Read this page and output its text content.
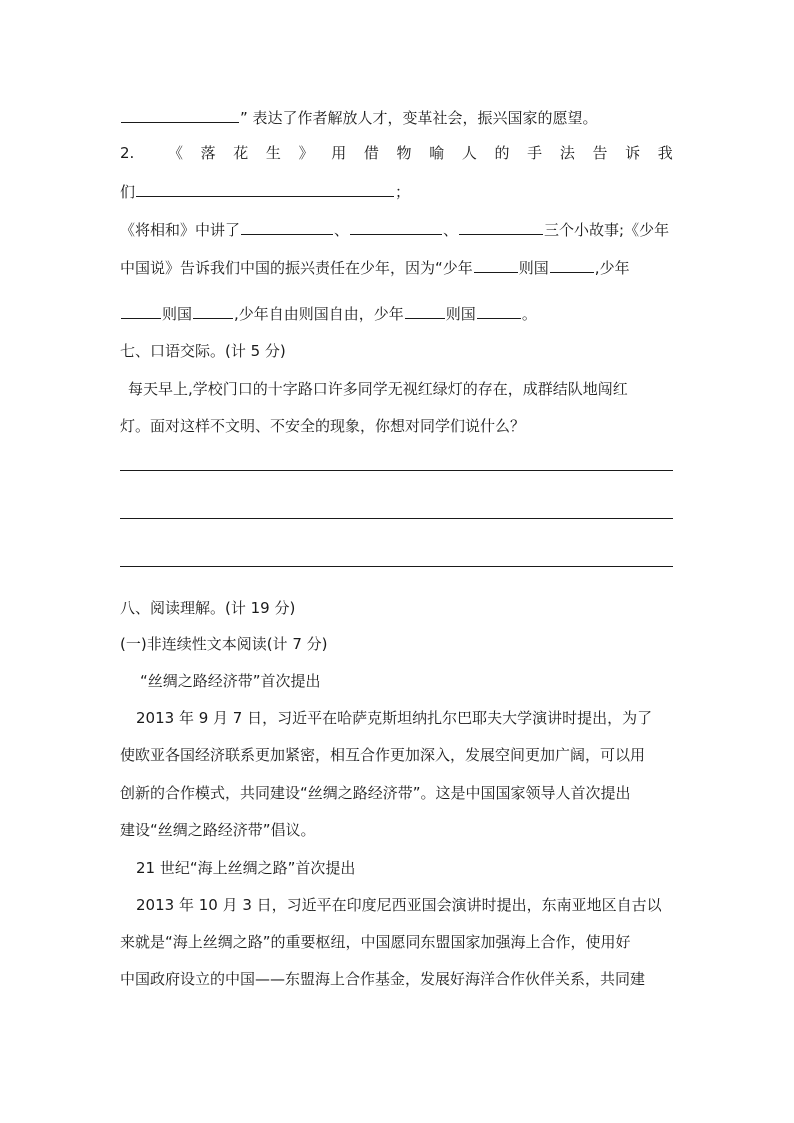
” 表达了作者解放人才，变革社会，振兴国家的愿望。
2. 《 落 花 生 》 用 借 物 喻 人 的 手 法 告 诉 我
们	；
《将相和》中讲了	、	、	三个小故事;《少年
中国说》告诉我们中国的振兴责任在少年，因为“少年	则国	,少年
则国	,少年自由则国自由，少年	则国	。
七、口语交际。(计 5 分)
每天早上,学校门口的十字路口许多同学无视红绿灯的存在，成群结队地闯红
灯。面对这样不文明、不安全的现象，你想对同学们说什么？
八、阅读理解。(计 19 分)
(一)非连续性文本阅读(计 7 分)
“丝绸之路经济带”首次提出
2013 年 9 月 7 日，习近平在哈萨克斯坦纳扎尔巴耶夫大学演讲时提出，为了
使欧亚各国经济联系更加紧密，相互合作更加深入，发展空间更加广阔，可以用
创新的合作模式，共同建设“丝绸之路经济带”。这是中国国家领导人首次提出
建设“丝绸之路经济带”倡议。
21 世纪“海上丝绸之路”首次提出
2013 年 10 月 3 日，习近平在印度尼西亚国会演讲时提出，东南亚地区自古以
来就是“海上丝绸之路”的重要枢纽，中国愿同东盟国家加强海上合作，使用好
中国政府设立的中国——东盟海上合作基金，发展好海洋合作伙伴关系，共同建
